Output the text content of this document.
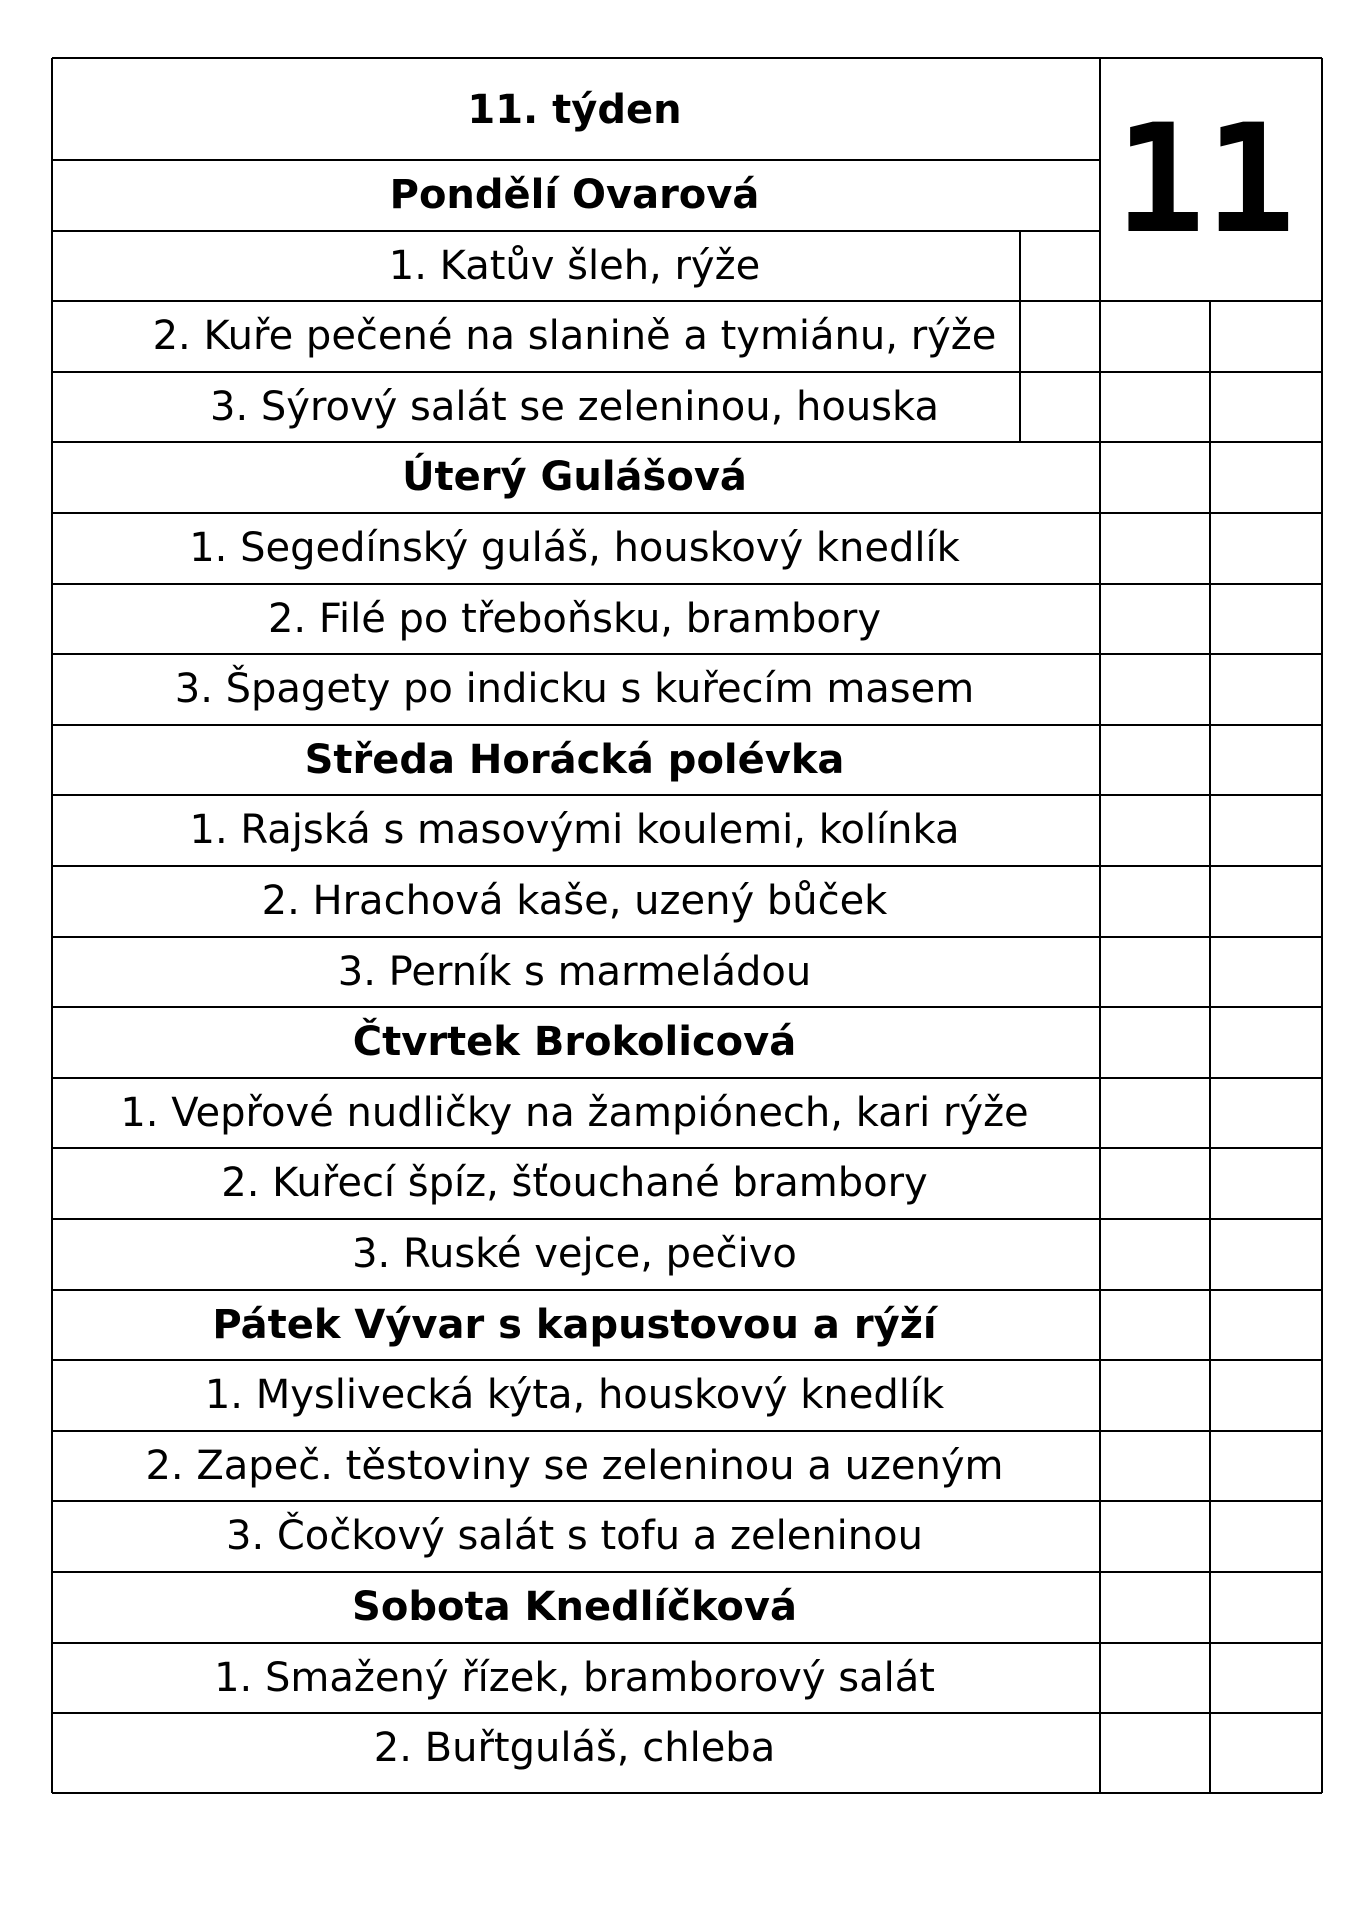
11. týden	11
Pondělí Ovarová
1. Katův šleh, rýže
2. Kuře pečené na slanině a tymiánu, rýže
3. Sýrový salát se zeleninou, houska
Úterý Gulášová
1. Segedínský guláš, houskový knedlík
2. Filé po třeboňsku, brambory
3. Špagety po indicku s kuřecím masem
Středa Horácká polévka
1. Rajská s masovými koulemi, kolínka
2. Hrachová kaše, uzený bůček
3. Perník s marmeládou
Čtvrtek Brokolicová
1. Vepřové nudličky na žampiónech, kari rýže
2. Kuřecí špíz, šťouchané brambory
3. Ruské vejce, pečivo
Pátek Vývar s kapustovou a rýží
1. Myslivecká kýta, houskový knedlík
2. Zapeč. těstoviny se zeleninou a uzeným
3. Čočkový salát s tofu a zeleninou
Sobota Knedlíčková
1. Smažený řízek, bramborový salát
2. Buřtguláš, chleba
